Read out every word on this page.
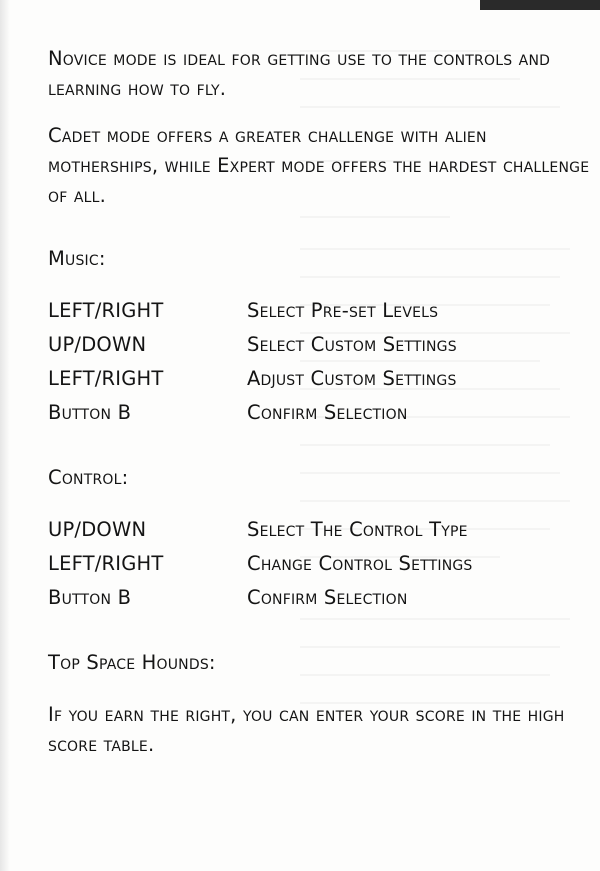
Novice mode is ideal for getting use to the controls and learning how to fly.

Cadet mode offers a greater challenge with alien motherships, while Expert mode offers the hardest challenge of all.

Music:

LEFT/RIGHT	Select Pre-set Levels
UP/DOWN	Select Custom Settings
LEFT/RIGHT	Adjust Custom Settings
Button B	Confirm Selection

Control:

UP/DOWN	Select The Control Type
LEFT/RIGHT	Change Control Settings
Button B	Confirm Selection

Top Space Hounds:

If you earn the right, you can enter your score in the high score table.
